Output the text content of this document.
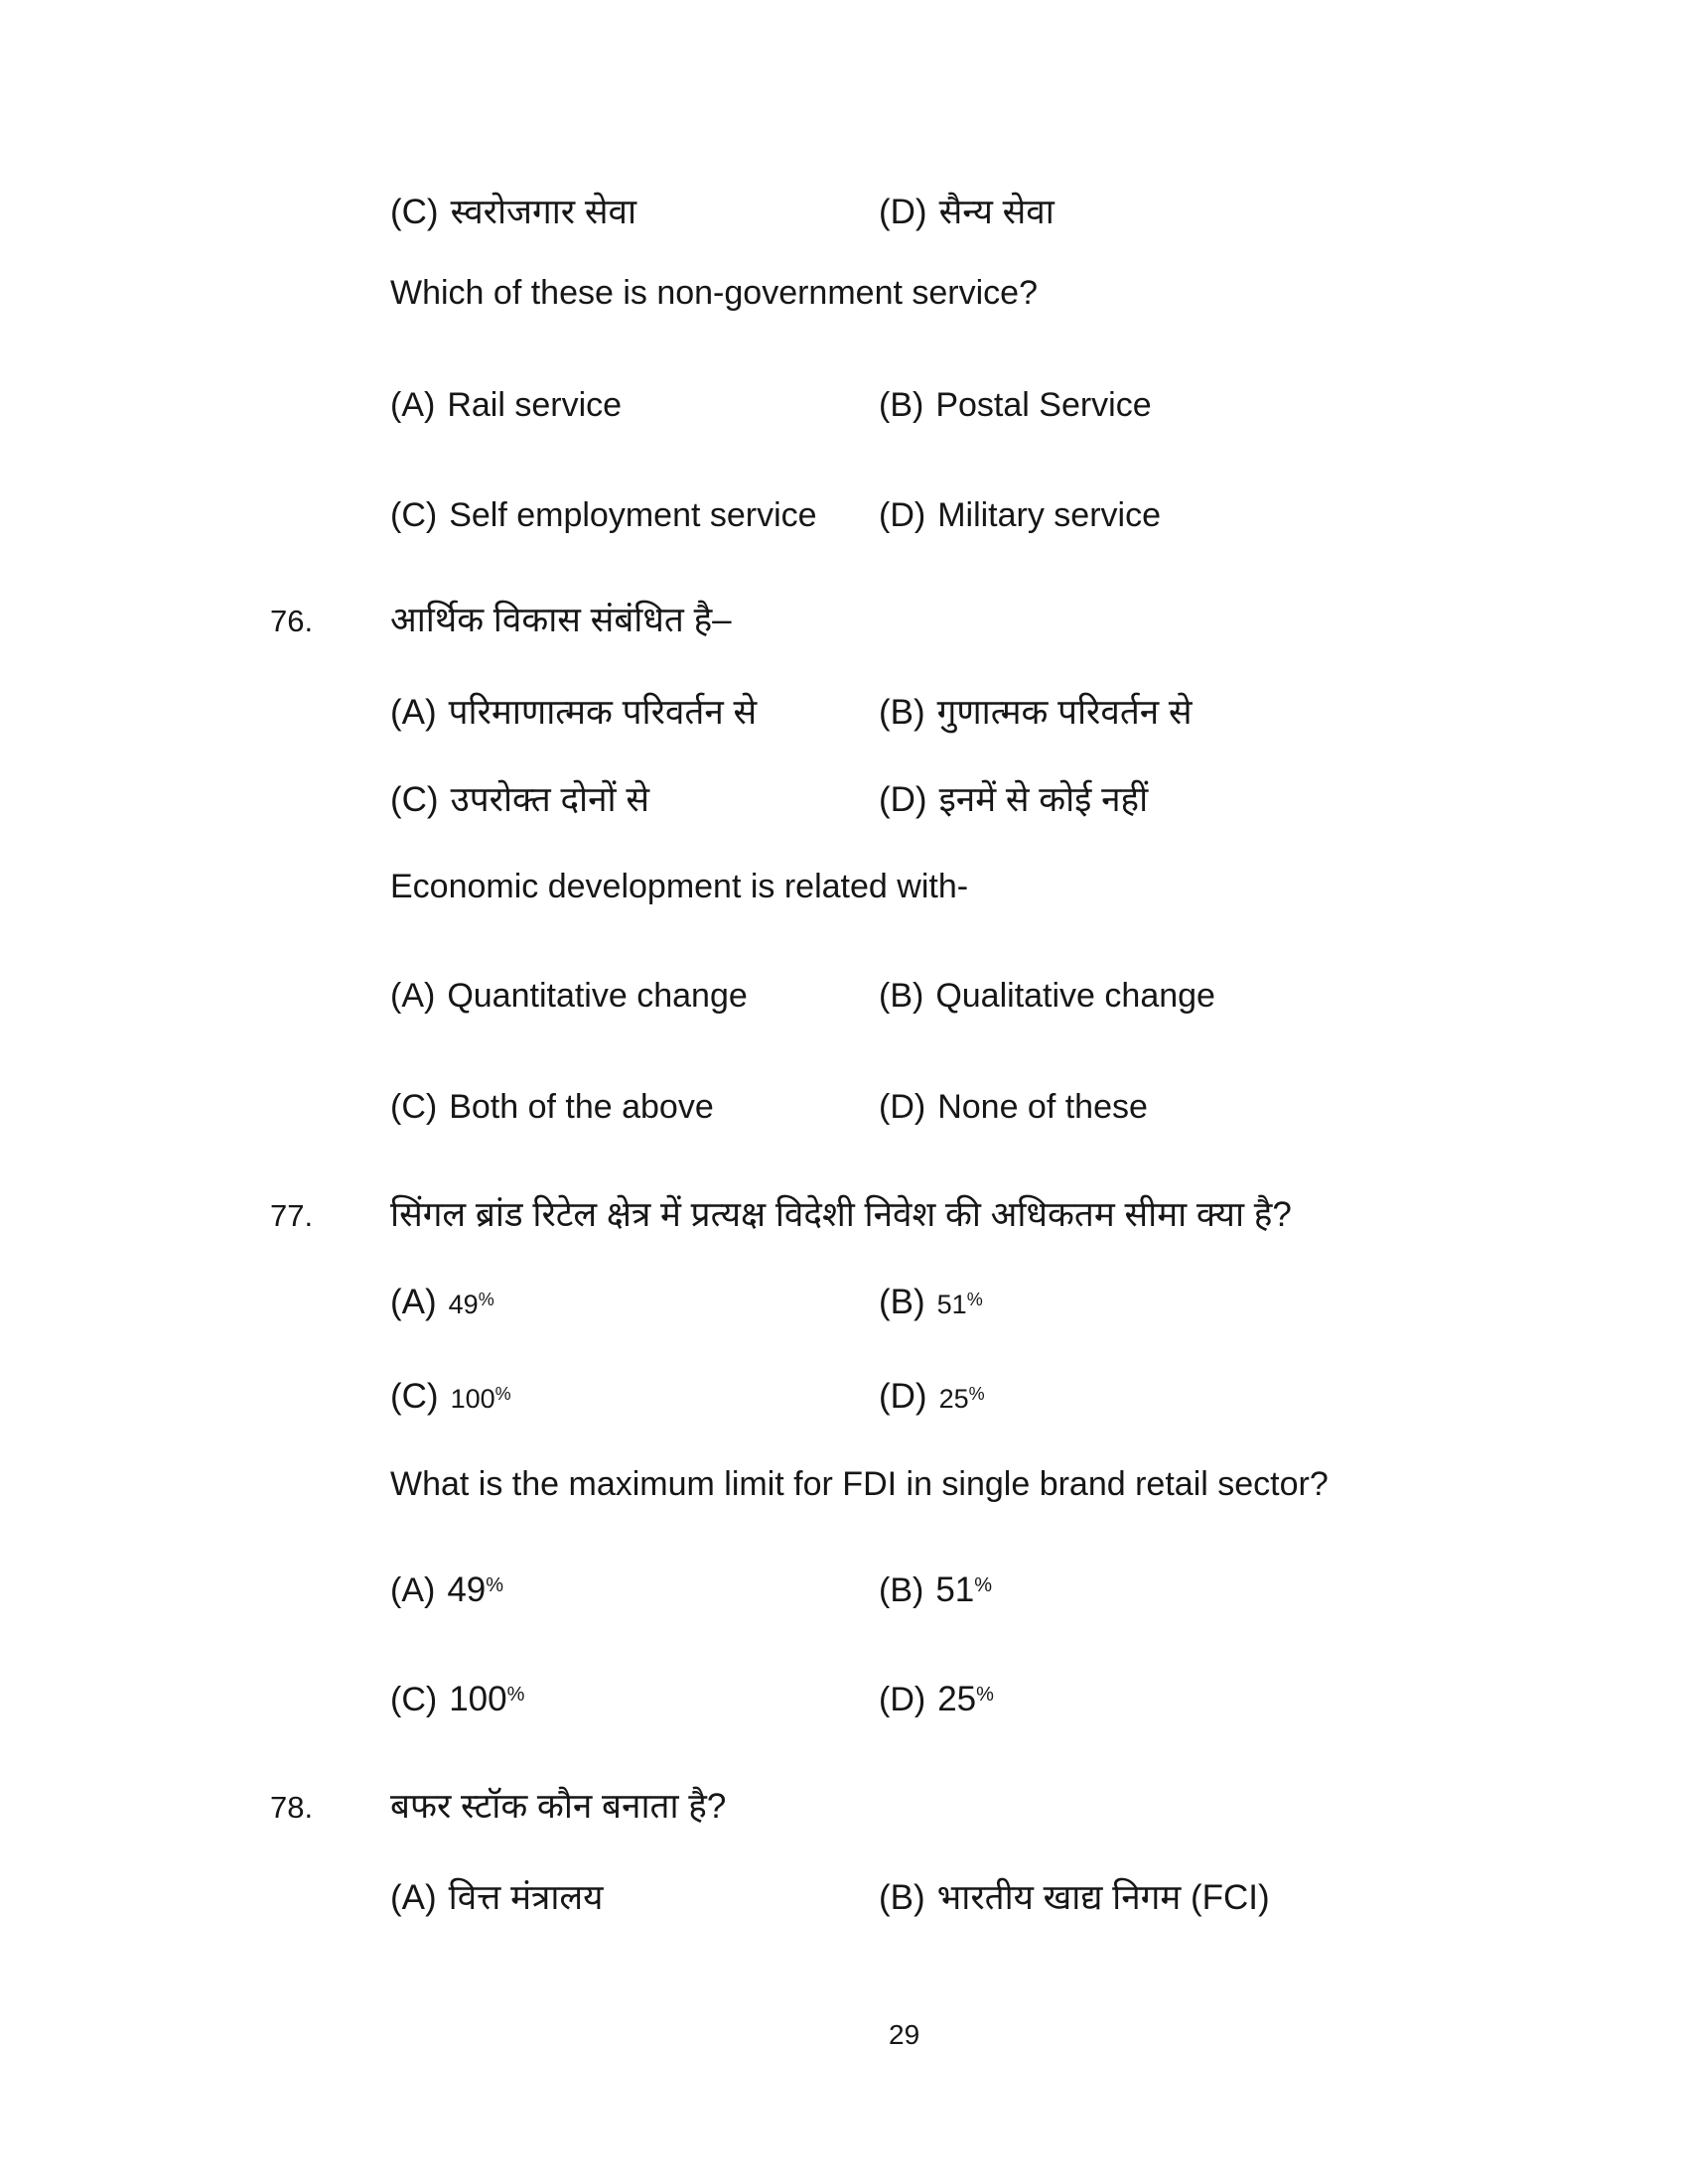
(C) स्वरोजगार सेवा	(D) सैन्य सेवा
Which of these is non-government service?
(A) Rail service	(B) Postal Service
(C) Self employment service (D) Military service
76. आर्थिक विकास संबंधित है–
(A) परिमाणात्मक परिवर्तन से	(B) गुणात्मक परिवर्तन से
(C) उपरोक्त दोनों से	(D) इनमें से कोई नहीं
Economic development is related with-
(A) Quantitative change	(B) Qualitative change
(C) Both of the above	(D) None of these
77. सिंगल ब्रांड रिटेल क्षेत्र में प्रत्यक्ष विदेशी निवेश की अधिकतम सीमा क्या है?
(A) 49%	(B) 51%
(C) 100%	(D) 25%
What is the maximum limit for FDI in single brand retail sector?
(A) 49%	(B) 51%
(C) 100%	(D) 25%
78. बफर स्टॉक कौन बनाता है?
(A) वित्त मंत्रालय	(B) भारतीय खाद्य निगम (FCI)
29
